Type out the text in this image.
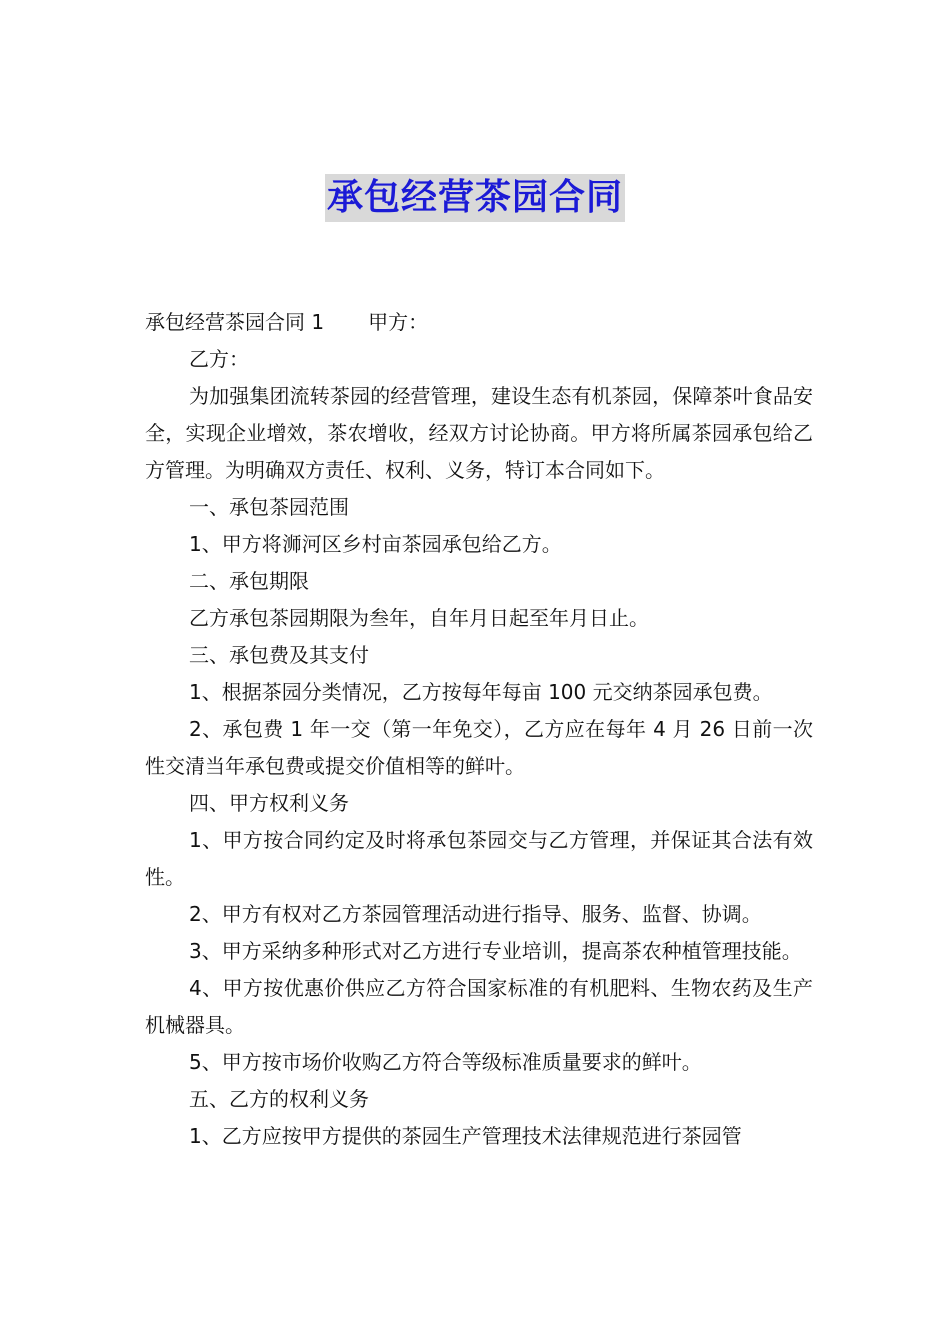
承包经营茶园合同

承包经营茶园合同 1 甲方：

乙方：

为加强集团流转茶园的经营管理，建设生态有机茶园，保障茶叶食品安全，实现企业增效，茶农增收，经双方讨论协商。甲方将所属茶园承包给乙方管理。为明确双方责任、权利、义务，特订本合同如下。

一、承包茶园范围

1、甲方将浉河区乡村亩茶园承包给乙方。

二、承包期限

乙方承包茶园期限为叁年，自年月日起至年月日止。

三、承包费及其支付

1、根据茶园分类情况，乙方按每年每亩 100 元交纳茶园承包费。

2、承包费 1 年一交（第一年免交），乙方应在每年 4 月 26 日前一次性交清当年承包费或提交价值相等的鲜叶。

四、甲方权利义务

1、甲方按合同约定及时将承包茶园交与乙方管理，并保证其合法有效性。

2、甲方有权对乙方茶园管理活动进行指导、服务、监督、协调。

3、甲方采纳多种形式对乙方进行专业培训，提高茶农种植管理技能。

4、甲方按优惠价供应乙方符合国家标准的有机肥料、生物农药及生产机械器具。

5、甲方按市场价收购乙方符合等级标准质量要求的鲜叶。

五、乙方的权利义务

1、乙方应按甲方提供的茶园生产管理技术法律规范进行茶园管
